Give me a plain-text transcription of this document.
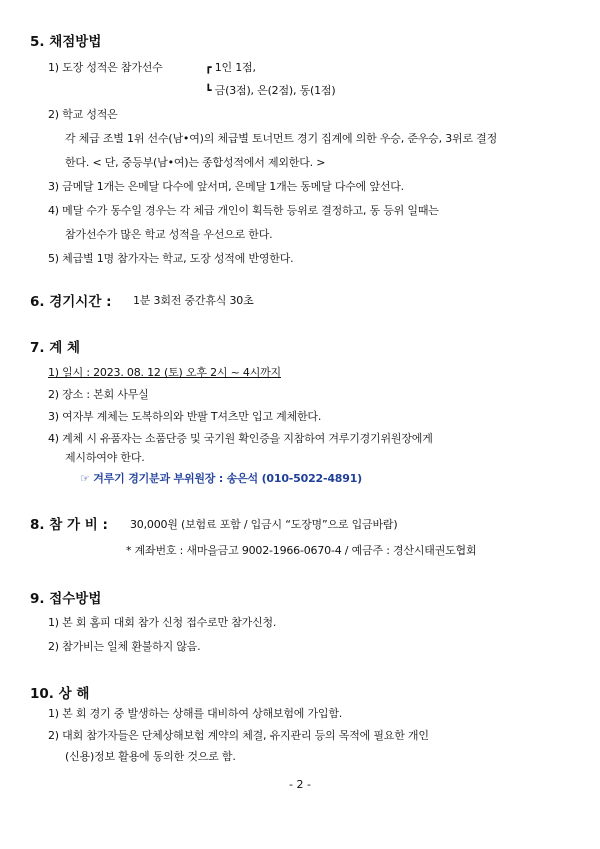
5. 채점방법
1) 도장 성적은 참가선수	┏ 1인 1점,
┗ 금(3점), 은(2점), 동(1점)
2) 학교 성적은
각 체급 조별 1위 선수(남•여)의 체급별 토너먼트 경기 집계에 의한 우승, 준우승, 3위로 결정
한다. < 단, 중등부(남•여)는 종합성적에서 제외한다. >
3) 금메달 1개는 은메달 다수에 앞서며, 은메달 1개는 동메달 다수에 앞선다.
4) 메달 수가 동수일 경우는 각 체급 개인이 획득한 등위로 결정하고, 동 등위 일때는
참가선수가 많은 학교 성적을 우선으로 한다.
5) 체급별 1명 참가자는 학교, 도장 성적에 반영한다.
6. 경기시간 : 1분 3회전 중간휴식 30초
7. 계 체
1) 일시 : 2023. 08. 12 (토) 오후 2시 ~ 4시까지
2) 장소 : 본회 사무실
3) 여자부 계체는 도복하의와 반팔 T셔츠만 입고 계체한다.
4) 계체 시 유품자는 소품단증 및 국기원 확인증을 지참하여 겨루기경기위원장에게
제시하여야 한다.
☞ 겨루기 경기분과 부위원장 : 송은석 (010-5022-4891)
8. 참 가 비 : 30,000원 (보험료 포함 / 입금시 “도장명”으로 입금바람)
* 계좌번호 : 새마을금고 9002-1966-0670-4 / 예금주 : 경산시태권도협회
9. 접수방법
1) 본 회 홈피 대회 참가 신청 접수로만 참가신청.
2) 참가비는 일체 환불하지 않음.
10. 상 해
1) 본 회 경기 중 발생하는 상해를 대비하여 상해보험에 가입함.
2) 대회 참가자들은 단체상해보험 계약의 체결, 유지관리 등의 목적에 필요한 개인
(신용)정보 활용에 동의한 것으로 함.
- 2 -
